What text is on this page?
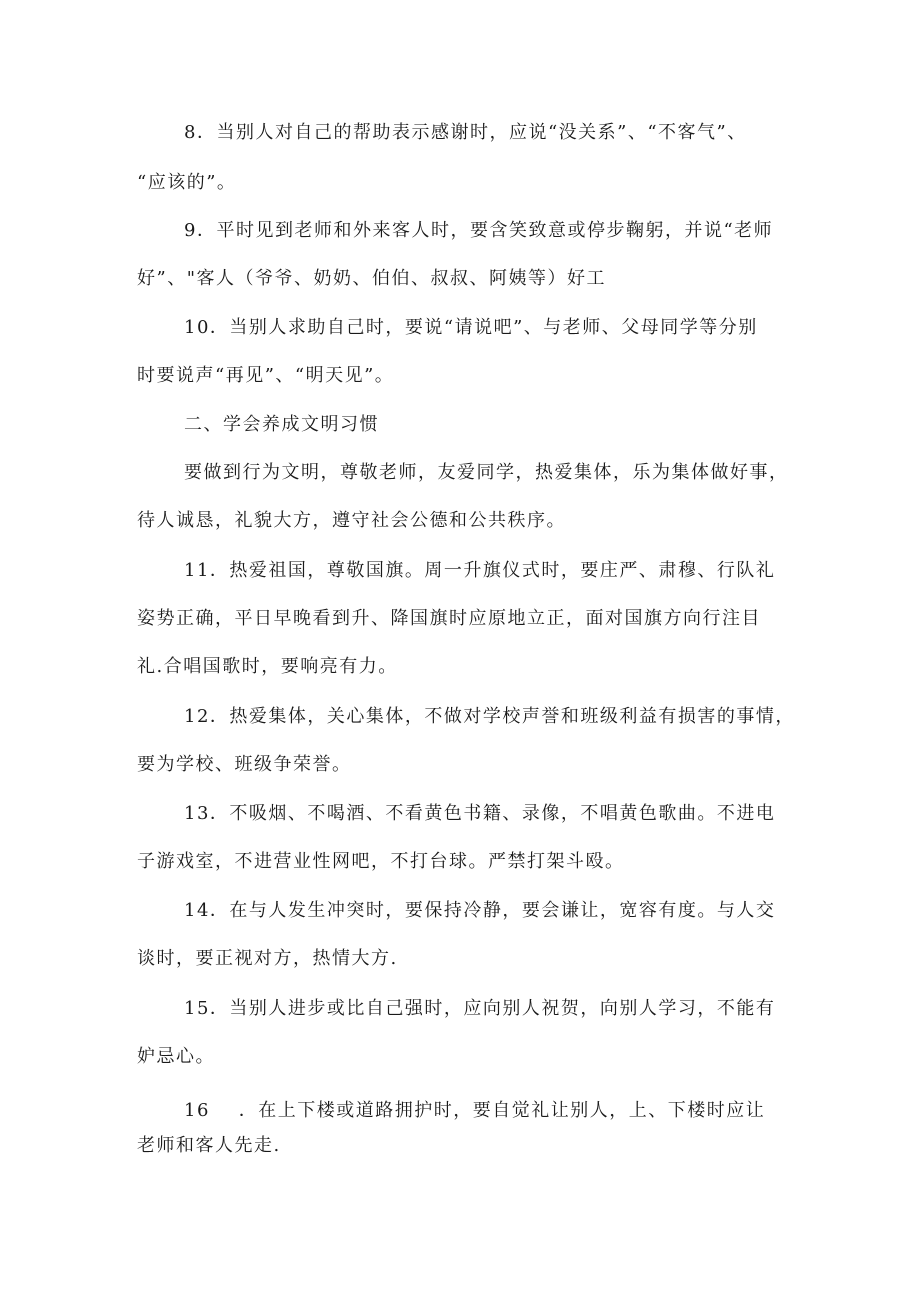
8．当别人对自己的帮助表示感谢时，应说“没关系”、“不客气”、
“应该的”。
9．平时见到老师和外来客人时，要含笑致意或停步鞠躬，并说“老师
好”、"客人（爷爷、奶奶、伯伯、叔叔、阿姨等）好工
10．当别人求助自己时，要说“请说吧”、与老师、父母同学等分别
时要说声“再见”、“明天见”。
二、学会养成文明习惯
要做到行为文明，尊敬老师，友爱同学，热爱集体，乐为集体做好事，
待人诚恳，礼貌大方，遵守社会公德和公共秩序。
11．热爱祖国，尊敬国旗。周一升旗仪式时，要庄严、肃穆、行队礼
姿势正确，平日早晚看到升、降国旗时应原地立正，面对国旗方向行注目
礼.合唱国歌时，要响亮有力。
12．热爱集体，关心集体，不做对学校声誉和班级利益有损害的事情，
要为学校、班级争荣誉。
13．不吸烟、不喝酒、不看黄色书籍、录像，不唱黄色歌曲。不进电
子游戏室，不进营业性网吧，不打台球。严禁打架斗殴。
14．在与人发生冲突时，要保持冷静，要会谦让，宽容有度。与人交
谈时，要正视对方，热情大方.
15．当别人进步或比自己强时，应向别人祝贺，向别人学习，不能有
妒忌心。
16    ．在上下楼或道路拥护时，要自觉礼让别人，上、下楼时应让
老师和客人先走.
